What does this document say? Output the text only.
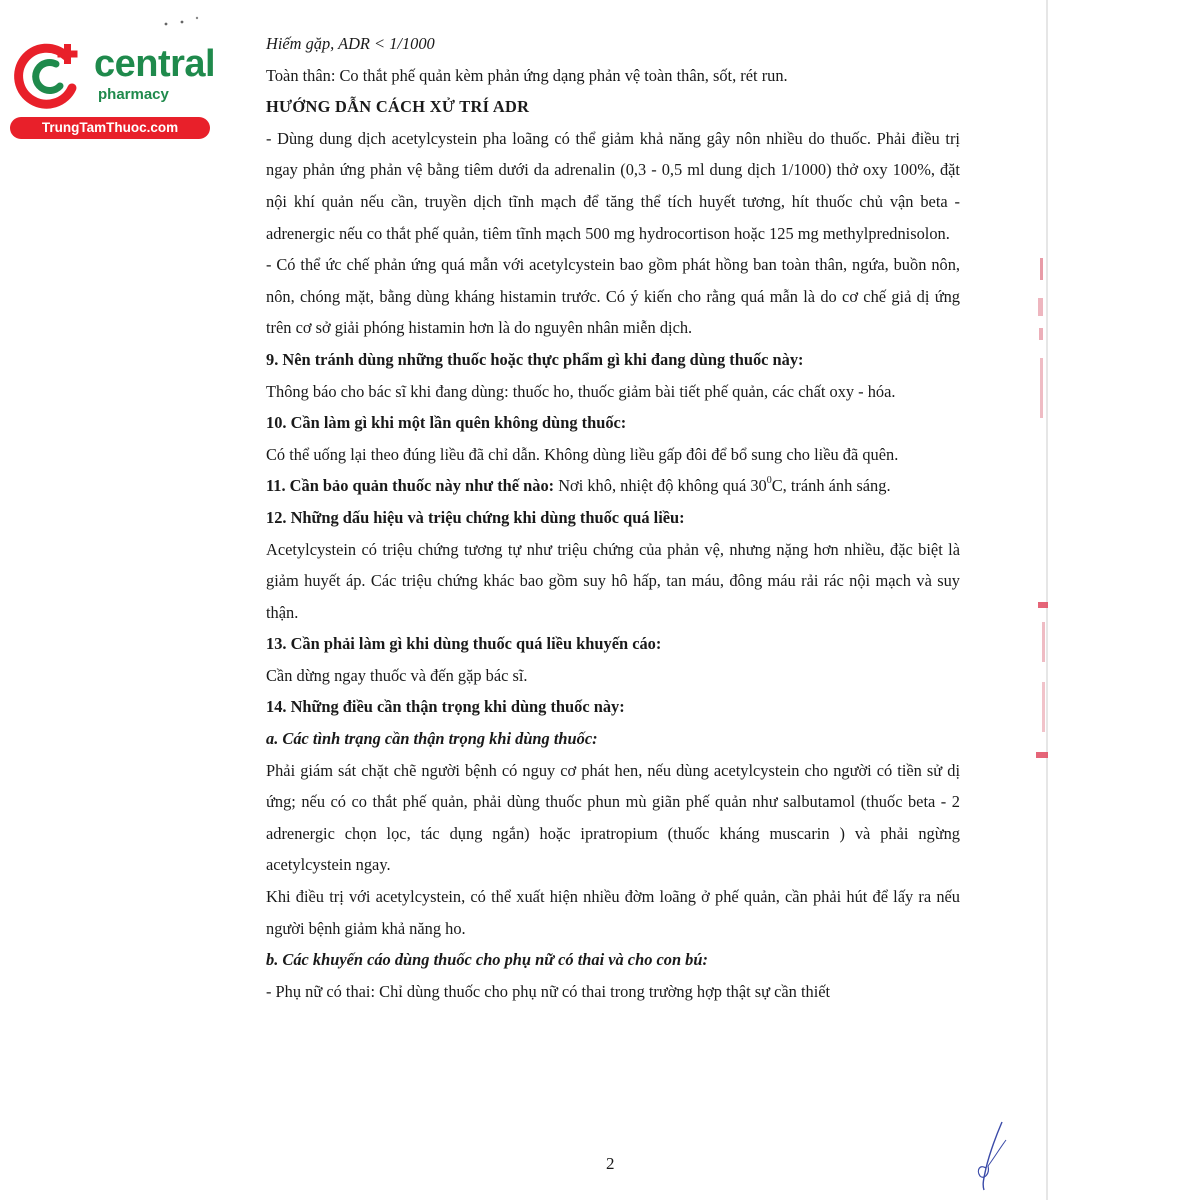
central
pharmacy
TrungTamThuoc.com

Hiếm gặp, ADR < 1/1000

Toàn thân: Co thắt phế quản kèm phản ứng dạng phản vệ toàn thân, sốt, rét run.

HƯỚNG DẪN CÁCH XỬ TRÍ ADR

- Dùng dung dịch acetylcystein pha loãng có thể giảm khả năng gây nôn nhiều do thuốc. Phải điều trị ngay phản ứng phản vệ bằng tiêm dưới da adrenalin (0,3 - 0,5 ml dung dịch 1/1000) thở oxy 100%, đặt nội khí quản nếu cần, truyền dịch tĩnh mạch để tăng thể tích huyết tương, hít thuốc chủ vận beta - adrenergic nếu co thắt phế quản, tiêm tĩnh mạch 500 mg hydrocortison hoặc 125 mg methylprednisolon.

- Có thể ức chế phản ứng quá mẫn với acetylcystein bao gồm phát hồng ban toàn thân, ngứa, buồn nôn, nôn, chóng mặt, bằng dùng kháng histamin trước. Có ý kiến cho rằng quá mẫn là do cơ chế giả dị ứng trên cơ sở giải phóng histamin hơn là do nguyên nhân miễn dịch.

9. Nên tránh dùng những thuốc hoặc thực phẩm gì khi đang dùng thuốc này:

Thông báo cho bác sĩ khi đang dùng: thuốc ho, thuốc giảm bài tiết phế quản, các chất oxy - hóa.

10. Cần làm gì khi một lần quên không dùng thuốc:

Có thể uống lại theo đúng liều đã chỉ dẫn. Không dùng liều gấp đôi để bổ sung cho liều đã quên.

11. Cần bảo quản thuốc này như thế nào: Nơi khô, nhiệt độ không quá $30^0C$, tránh ánh sáng.

12. Những dấu hiệu và triệu chứng khi dùng thuốc quá liều:

Acetylcystein có triệu chứng tương tự như triệu chứng của phản vệ, nhưng nặng hơn nhiều, đặc biệt là giảm huyết áp. Các triệu chứng khác bao gồm suy hô hấp, tan máu, đông máu rải rác nội mạch và suy thận.

13. Cần phải làm gì khi dùng thuốc quá liều khuyến cáo:

Cần dừng ngay thuốc và đến gặp bác sĩ.

14. Những điều cần thận trọng khi dùng thuốc này:

a. Các tình trạng cần thận trọng khi dùng thuốc:

Phải giám sát chặt chẽ người bệnh có nguy cơ phát hen, nếu dùng acetylcystein cho người có tiền sử dị ứng; nếu có co thắt phế quản, phải dùng thuốc phun mù giãn phế quản như salbutamol (thuốc beta - 2 adrenergic chọn lọc, tác dụng ngắn) hoặc ipratropium (thuốc kháng muscarin ) và phải ngừng acetylcystein ngay.

Khi điều trị với acetylcystein, có thể xuất hiện nhiều đờm loãng ở phế quản, cần phải hút để lấy ra nếu người bệnh giảm khả năng ho.

b. Các khuyến cáo dùng thuốc cho phụ nữ có thai và cho con bú:

- Phụ nữ có thai: Chỉ dùng thuốc cho phụ nữ có thai trong trường hợp thật sự cần thiết

2
